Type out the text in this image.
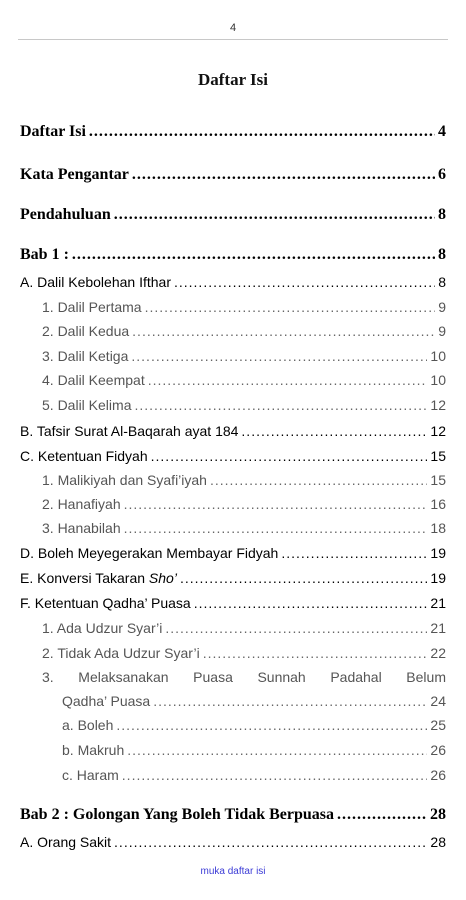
4
Daftar Isi
Daftar Isi .....	4
Kata Pengantar .....	6
Pendahuluan .....	8
Bab 1 : .....	8
A. Dalil Kebolehan Ifthar .....	8
1. Dalil Pertama .....	9
2. Dalil Kedua .....	9
3. Dalil Ketiga .....	10
4. Dalil Keempat .....	10
5. Dalil Kelima .....	12
B. Tafsir Surat Al-Baqarah ayat 184 .....	12
C. Ketentuan Fidyah .....	15
1. Malikiyah dan Syafi’iyah .....	15
2. Hanafiyah .....	16
3. Hanabilah .....	18
D. Boleh Meyegerakan Membayar Fidyah .....	19
E. Konversi Takaran Sho’ .....	19
F. Ketentuan Qadha’ Puasa .....	21
1. Ada Udzur Syar’i .....	21
2. Tidak Ada Udzur Syar’i .....	22
3. Melaksanakan Puasa Sunnah Padahal Belum
Qadha’ Puasa .....	24
a. Boleh .....	25
b. Makruh .....	26
c. Haram .....	26
Bab 2 : Golongan Yang Boleh Tidak Berpuasa .....	28
A. Orang Sakit .....	28
muka daftar isi
